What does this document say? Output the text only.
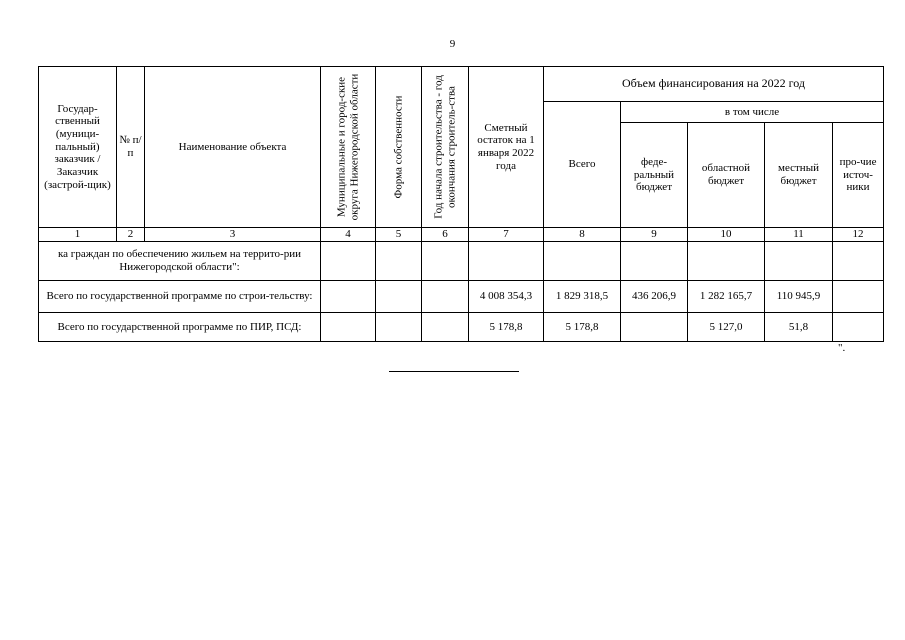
9
Государ-ственный (муници-пальный) заказчик / Заказчик (застрой-щик)	№ п/п	Наименование объекта	Муниципальные и город-ские округа Нижегородской области	Форма собственности	Год начала строительства - год окончания строитель-ства	Сметный остаток на 1 января 2022 года	Объем финансирования на 2022 год				
							Всего	в том числе			
								феде-ральный бюджет	областной бюджет	местный бюджет	про-чие источ-ники
1	2	3	4	5	6	7	8	9	10	11	12
ка граждан по обеспечению жильем на террито-рии Нижегородской области":											
Всего по государственной программе по строи-тельству:						4 008 354,3	1 829 318,5	436 206,9	1 282 165,7	110 945,9	
Всего по государственной программе по ПИР, ПСД:						5 178,8	5 178,8		5 127,0	51,8	
".
